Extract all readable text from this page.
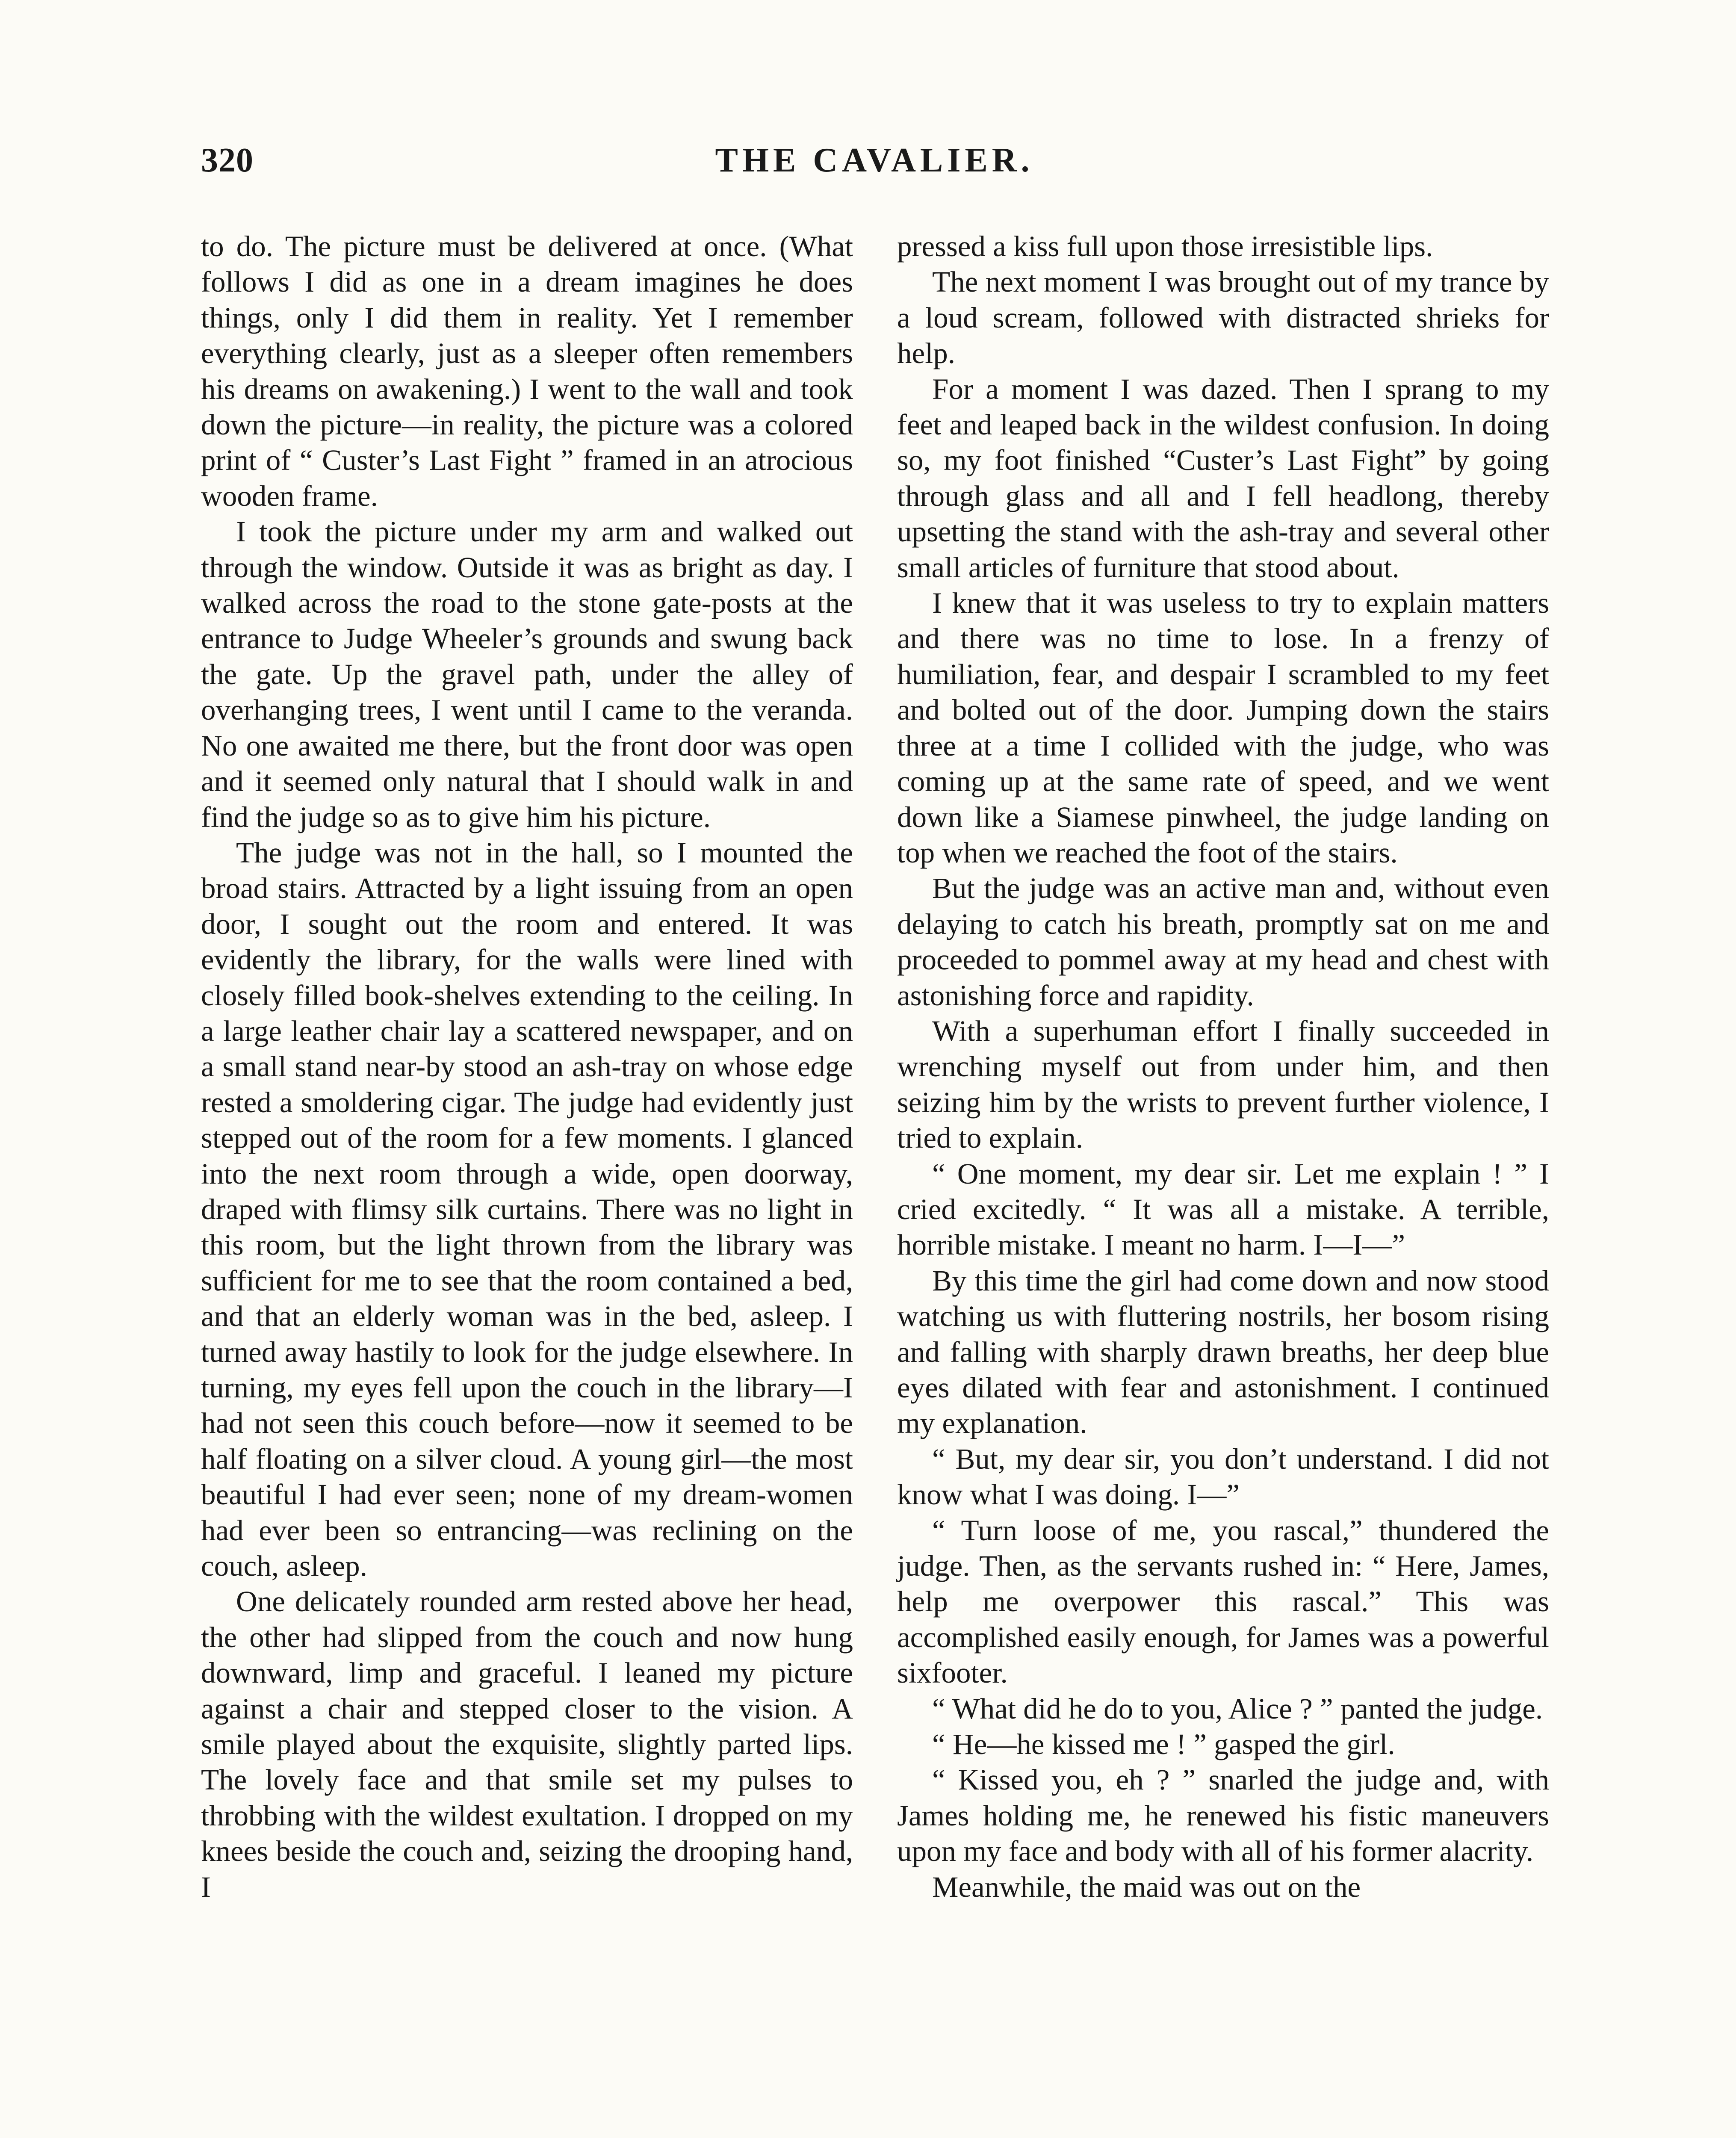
320	THE CAVALIER.

to do. The picture must be delivered at once. (What follows I did as one in a dream imagines he does things, only I did them in reality. Yet I remember everything clearly, just as a sleeper often remembers his dreams on awakening.) I went to the wall and took down the picture—in reality, the picture was a colored print of “ Custer’s Last Fight ” framed in an atrocious wooden frame.

I took the picture under my arm and walked out through the window. Outside it was as bright as day. I walked across the road to the stone gate-posts at the entrance to Judge Wheeler’s grounds and swung back the gate. Up the gravel path, under the alley of overhanging trees, I went until I came to the veranda. No one awaited me there, but the front door was open and it seemed only natural that I should walk in and find the judge so as to give him his picture.

The judge was not in the hall, so I mounted the broad stairs. Attracted by a light issuing from an open door, I sought out the room and entered. It was evidently the library, for the walls were lined with closely filled book-shelves extending to the ceiling. In a large leather chair lay a scattered newspaper, and on a small stand near-by stood an ash-tray on whose edge rested a smoldering cigar. The judge had evidently just stepped out of the room for a few moments. I glanced into the next room through a wide, open doorway, draped with flimsy silk curtains. There was no light in this room, but the light thrown from the library was sufficient for me to see that the room contained a bed, and that an elderly woman was in the bed, asleep. I turned away hastily to look for the judge elsewhere. In turning, my eyes fell upon the couch in the library—I had not seen this couch before—now it seemed to be half floating on a silver cloud. A young girl—the most beautiful I had ever seen; none of my dream-women had ever been so entrancing—was reclining on the couch, asleep.

One delicately rounded arm rested above her head, the other had slipped from the couch and now hung downward, limp and graceful. I leaned my picture against a chair and stepped closer to the vision. A smile played about the exquisite, slightly parted lips. The lovely face and that smile set my pulses to throbbing with the wildest exultation. I dropped on my knees beside the couch and, seizing the drooping hand, I

pressed a kiss full upon those irresistible lips.

The next moment I was brought out of my trance by a loud scream, followed with distracted shrieks for help.

For a moment I was dazed. Then I sprang to my feet and leaped back in the wildest confusion. In doing so, my foot finished “Custer’s Last Fight” by going through glass and all and I fell headlong, thereby upsetting the stand with the ash-tray and several other small articles of furniture that stood about.

I knew that it was useless to try to explain matters and there was no time to lose. In a frenzy of humiliation, fear, and despair I scrambled to my feet and bolted out of the door. Jumping down the stairs three at a time I collided with the judge, who was coming up at the same rate of speed, and we went down like a Siamese pinwheel, the judge landing on top when we reached the foot of the stairs.

But the judge was an active man and, without even delaying to catch his breath, promptly sat on me and proceeded to pommel away at my head and chest with astonishing force and rapidity.

With a superhuman effort I finally succeeded in wrenching myself out from under him, and then seizing him by the wrists to prevent further violence, I tried to explain.

“ One moment, my dear sir. Let me explain ! ” I cried excitedly. “ It was all a mistake. A terrible, horrible mistake. I meant no harm. I—I—”

By this time the girl had come down and now stood watching us with fluttering nostrils, her bosom rising and falling with sharply drawn breaths, her deep blue eyes dilated with fear and astonishment. I continued my explanation.

“ But, my dear sir, you don’t understand. I did not know what I was doing. I—”

“ Turn loose of me, you rascal,” thundered the judge. Then, as the servants rushed in: “ Here, James, help me overpower this rascal.” This was accomplished easily enough, for James was a powerful sixfooter.

“ What did he do to you, Alice ? ” panted the judge.

“ He—he kissed me ! ” gasped the girl.

“ Kissed you, eh ? ” snarled the judge and, with James holding me, he renewed his fistic maneuvers upon my face and body with all of his former alacrity.

Meanwhile, the maid was out on the
